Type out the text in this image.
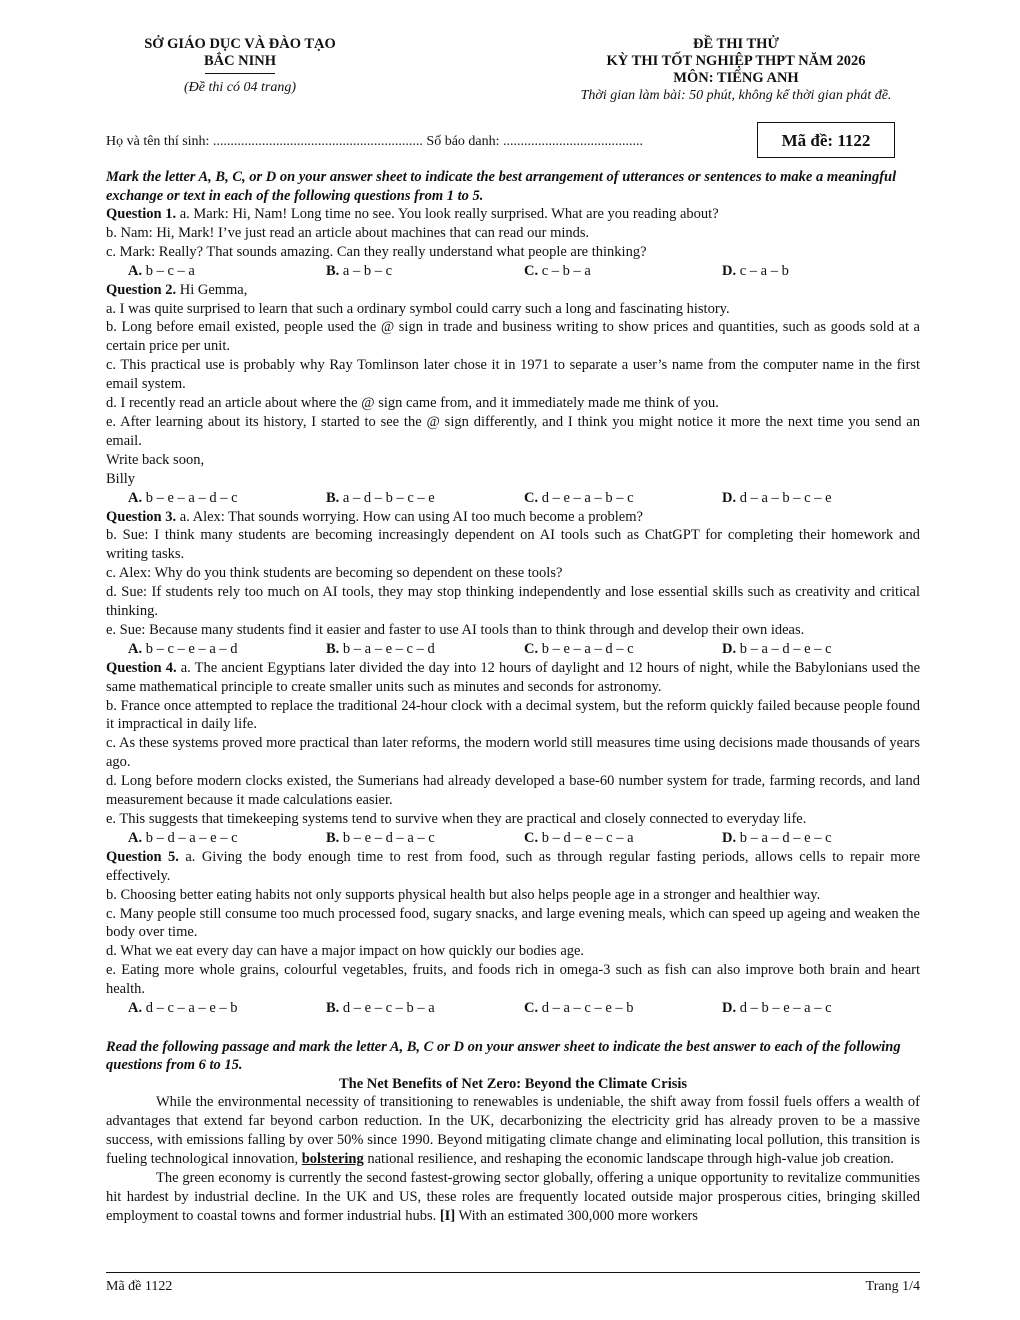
SỞ GIÁO DỤC VÀ ĐÀO TẠO
BẮC NINH
(Đề thi có 04 trang)
ĐỀ THI THỬ
KỲ THI TỐT NGHIỆP THPT NĂM 2026
MÔN: TIẾNG ANH
Thời gian làm bài: 50 phút, không kể thời gian phát đề.
Họ và tên thí sinh: ............................................................ Số báo danh: ........................................	Mã đề: 1122
Mark the letter A, B, C, or D on your answer sheet to indicate the best arrangement of utterances or sentences to make a meaningful exchange or text in each of the following questions from 1 to 5.
Question 1. a. Mark: Hi, Nam! Long time no see. You look really surprised. What are you reading about?
b. Nam: Hi, Mark! I’ve just read an article about machines that can read our minds.
c. Mark: Really? That sounds amazing. Can they really understand what people are thinking?
A. b – c – a	B. a – b – c	C. c – b – a	D. c – a – b
Question 2. Hi Gemma,
a. I was quite surprised to learn that such a ordinary symbol could carry such a long and fascinating history.
b. Long before email existed, people used the @ sign in trade and business writing to show prices and quantities, such as goods sold at a certain price per unit.
c. This practical use is probably why Ray Tomlinson later chose it in 1971 to separate a user’s name from the computer name in the first email system.
d. I recently read an article about where the @ sign came from, and it immediately made me think of you.
e. After learning about its history, I started to see the @ sign differently, and I think you might notice it more the next time you send an email.
Write back soon,
Billy
A. b – e – a – d – c	B. a – d – b – c – e	C. d – e – a – b – c	D. d – a – b – c – e
Question 3. a. Alex: That sounds worrying. How can using AI too much become a problem?
b. Sue: I think many students are becoming increasingly dependent on AI tools such as ChatGPT for completing their homework and writing tasks.
c. Alex: Why do you think students are becoming so dependent on these tools?
d. Sue: If students rely too much on AI tools, they may stop thinking independently and lose essential skills such as creativity and critical thinking.
e. Sue: Because many students find it easier and faster to use AI tools than to think through and develop their own ideas.
A. b – c – e – a – d	B. b – a – e – c – d	C. b – e – a – d – c	D. b – a – d – e – c
Question 4. a. The ancient Egyptians later divided the day into 12 hours of daylight and 12 hours of night, while the Babylonians used the same mathematical principle to create smaller units such as minutes and seconds for astronomy.
b. France once attempted to replace the traditional 24-hour clock with a decimal system, but the reform quickly failed because people found it impractical in daily life.
c. As these systems proved more practical than later reforms, the modern world still measures time using decisions made thousands of years ago.
d. Long before modern clocks existed, the Sumerians had already developed a base-60 number system for trade, farming records, and land measurement because it made calculations easier.
e. This suggests that timekeeping systems tend to survive when they are practical and closely connected to everyday life.
A. b – d – a – e – c	B. b – e – d – a – c	C. b – d – e – c – a	D. b – a – d – e – c
Question 5. a. Giving the body enough time to rest from food, such as through regular fasting periods, allows cells to repair more effectively.
b. Choosing better eating habits not only supports physical health but also helps people age in a stronger and healthier way.
c. Many people still consume too much processed food, sugary snacks, and large evening meals, which can speed up ageing and weaken the body over time.
d. What we eat every day can have a major impact on how quickly our bodies age.
e. Eating more whole grains, colourful vegetables, fruits, and foods rich in omega-3 such as fish can also improve both brain and heart health.
A. d – c – a – e – b	B. d – e – c – b – a	C. d – a – c – e – b	D. d – b – e – a – c
Read the following passage and mark the letter A, B, C or D on your answer sheet to indicate the best answer to each of the following questions from 6 to 15.
The Net Benefits of Net Zero: Beyond the Climate Crisis
While the environmental necessity of transitioning to renewables is undeniable, the shift away from fossil fuels offers a wealth of advantages that extend far beyond carbon reduction. In the UK, decarbonizing the electricity grid has already proven to be a massive success, with emissions falling by over 50% since 1990. Beyond mitigating climate change and eliminating local pollution, this transition is fueling technological innovation, bolstering national resilience, and reshaping the economic landscape through high-value job creation.
The green economy is currently the second fastest-growing sector globally, offering a unique opportunity to revitalize communities hit hardest by industrial decline. In the UK and US, these roles are frequently located outside major prosperous cities, bringing skilled employment to coastal towns and former industrial hubs. [I] With an estimated 300,000 more workers
Mã đề 1122	Trang 1/4
